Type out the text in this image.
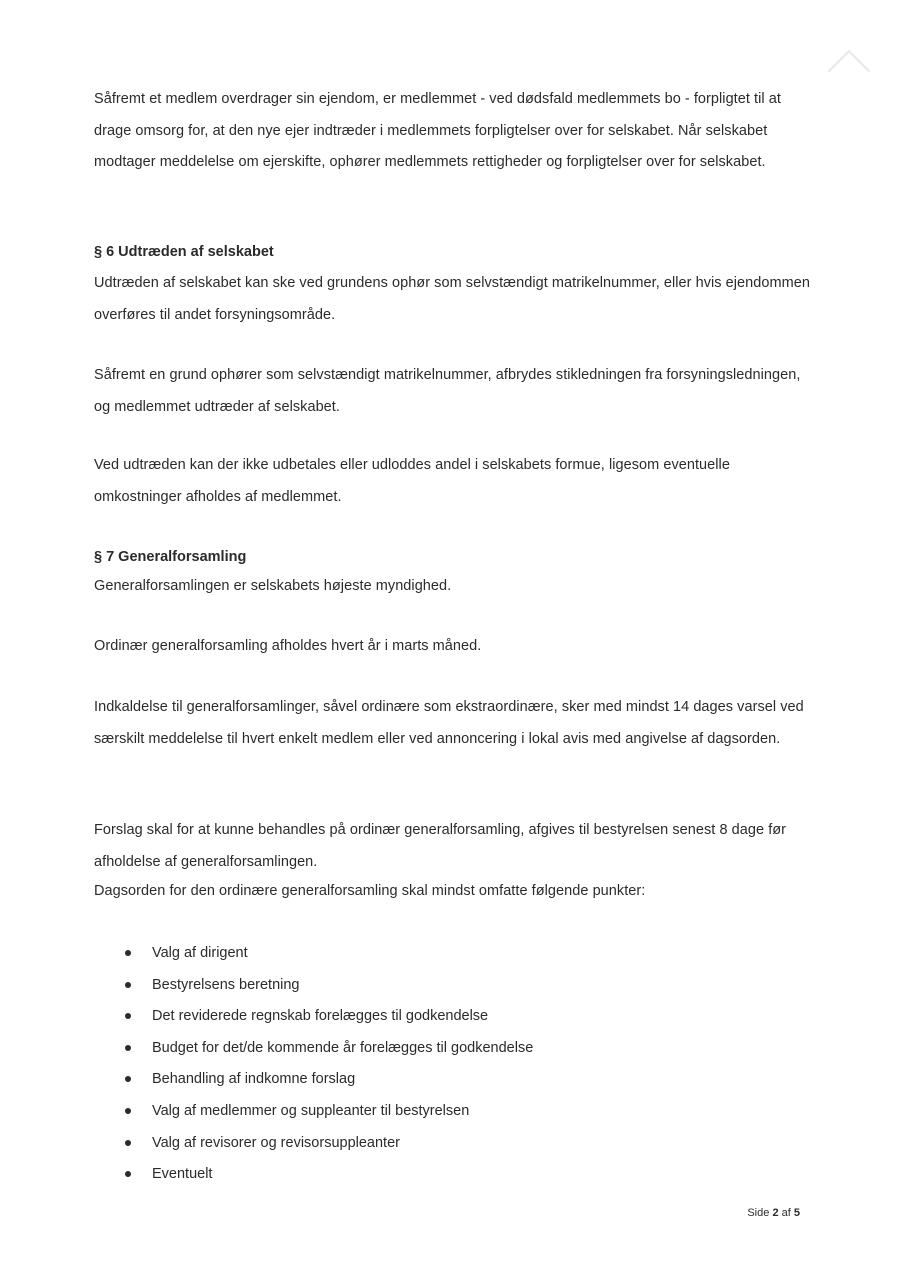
Såfremt et medlem overdrager sin ejendom, er medlemmet - ved dødsfald medlemmets bo - forpligtet til at drage omsorg for, at den nye ejer indtræder i medlemmets forpligtelser over for selskabet. Når selskabet modtager meddelelse om ejerskifte, ophører medlemmets rettigheder og forpligtelser over for selskabet.

§ 6 Udtræden af selskabet

Udtræden af selskabet kan ske ved grundens ophør som selvstændigt matrikelnummer, eller hvis ejendommen overføres til andet forsyningsområde.

Såfremt en grund ophører som selvstændigt matrikelnummer, afbrydes stikledningen fra forsyningsledningen, og medlemmet udtræder af selskabet.

Ved udtræden kan der ikke udbetales eller udloddes andel i selskabets formue, ligesom eventuelle omkostninger afholdes af medlemmet.

§ 7 Generalforsamling

Generalforsamlingen er selskabets højeste myndighed.

Ordinær generalforsamling afholdes hvert år i marts måned.

Indkaldelse til generalforsamlinger, såvel ordinære som ekstraordinære, sker med mindst 14 dages varsel ved særskilt meddelelse til hvert enkelt medlem eller ved annoncering i lokal avis med angivelse af dagsorden.

Forslag skal for at kunne behandles på ordinær generalforsamling, afgives til bestyrelsen senest 8 dage før afholdelse af generalforsamlingen.

Dagsorden for den ordinære generalforsamling skal mindst omfatte følgende punkter:

Valg af dirigent
Bestyrelsens beretning
Det reviderede regnskab forelægges til godkendelse
Budget for det/de kommende år forelægges til godkendelse
Behandling af indkomne forslag
Valg af medlemmer og suppleanter til bestyrelsen
Valg af revisorer og revisorsuppleanter
Eventuelt
Side 2 af 5
